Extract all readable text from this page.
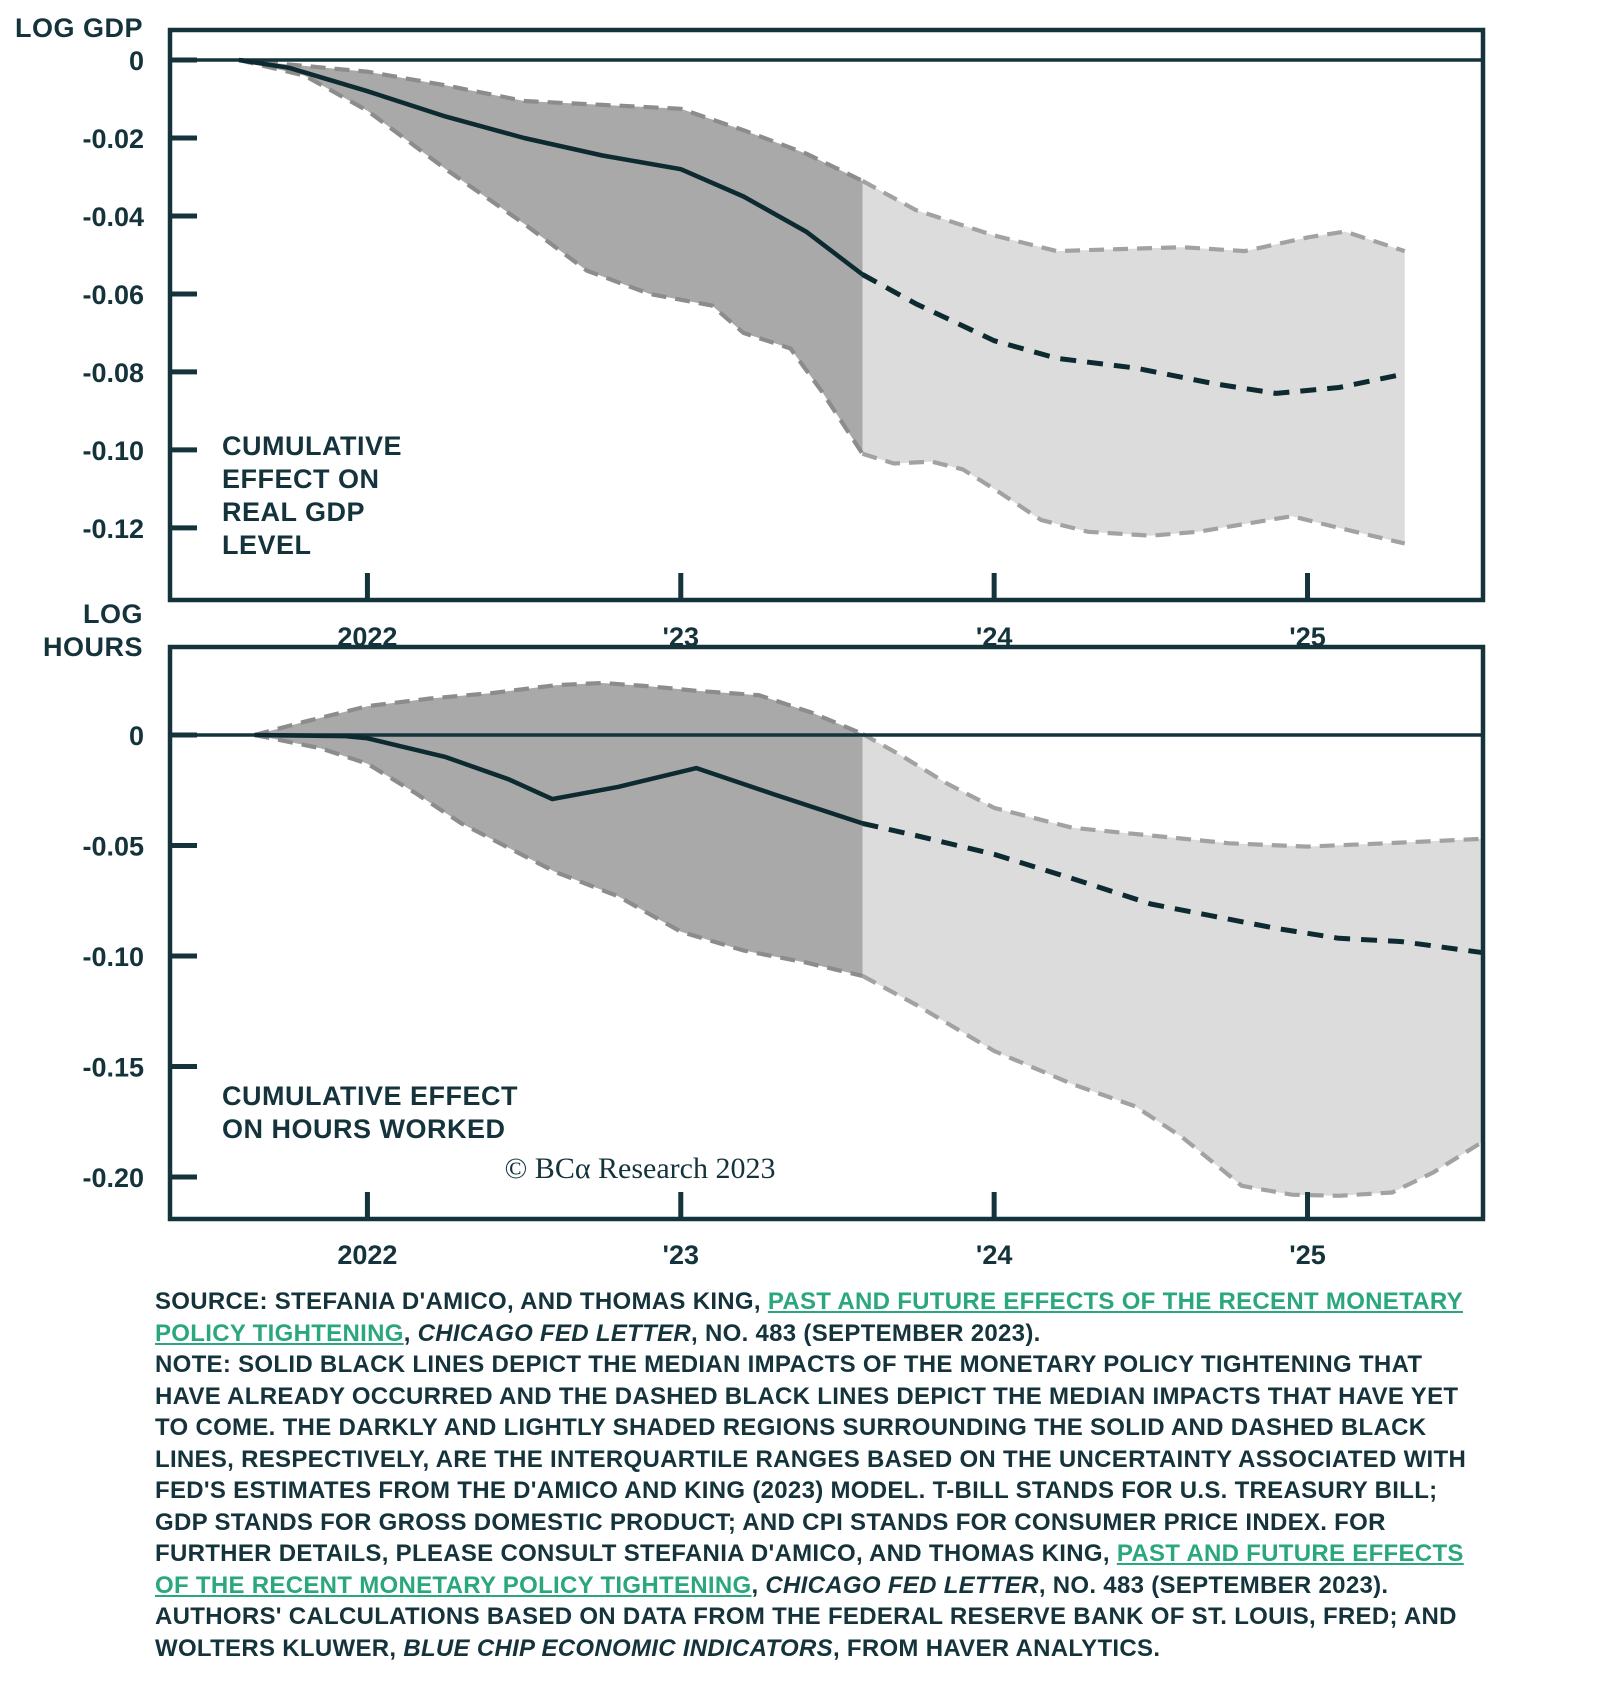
0
-0.02
-0.04
-0.06
-0.08
-0.10
-0.12
2022	'23	'24	'25
0
-0.05
-0.10
-0.15
-0.20
2022	'23	'24	'25
LOG GDP
LOG HOURS
CUMULATIVE EFFECT ON REAL GDP LEVEL
CUMULATIVE EFFECT ON HOURS WORKED
© BCα Research 2023
SOURCE: STEFANIA D'AMICO, AND THOMAS KING, PAST AND FUTURE EFFECTS OF THE RECENT MONETARY POLICY TIGHTENING, CHICAGO FED LETTER, NO. 483 (SEPTEMBER 2023).
NOTE: SOLID BLACK LINES DEPICT THE MEDIAN IMPACTS OF THE MONETARY POLICY TIGHTENING THAT HAVE ALREADY OCCURRED AND THE DASHED BLACK LINES DEPICT THE MEDIAN IMPACTS THAT HAVE YET TO COME. THE DARKLY AND LIGHTLY SHADED REGIONS SURROUNDING THE SOLID AND DASHED BLACK LINES, RESPECTIVELY, ARE THE INTERQUARTILE RANGES BASED ON THE UNCERTAINTY ASSOCIATED WITH FED'S ESTIMATES FROM THE D'AMICO AND KING (2023) MODEL. T-BILL STANDS FOR U.S. TREASURY BILL; GDP STANDS FOR GROSS DOMESTIC PRODUCT; AND CPI STANDS FOR CONSUMER PRICE INDEX. FOR FURTHER DETAILS, PLEASE CONSULT STEFANIA D'AMICO, AND THOMAS KING, PAST AND FUTURE EFFECTS OF THE RECENT MONETARY POLICY TIGHTENING, CHICAGO FED LETTER, NO. 483 (SEPTEMBER 2023). AUTHORS' CALCULATIONS BASED ON DATA FROM THE FEDERAL RESERVE BANK OF ST. LOUIS, FRED; AND WOLTERS KLUWER, BLUE CHIP ECONOMIC INDICATORS, FROM HAVER ANALYTICS.
